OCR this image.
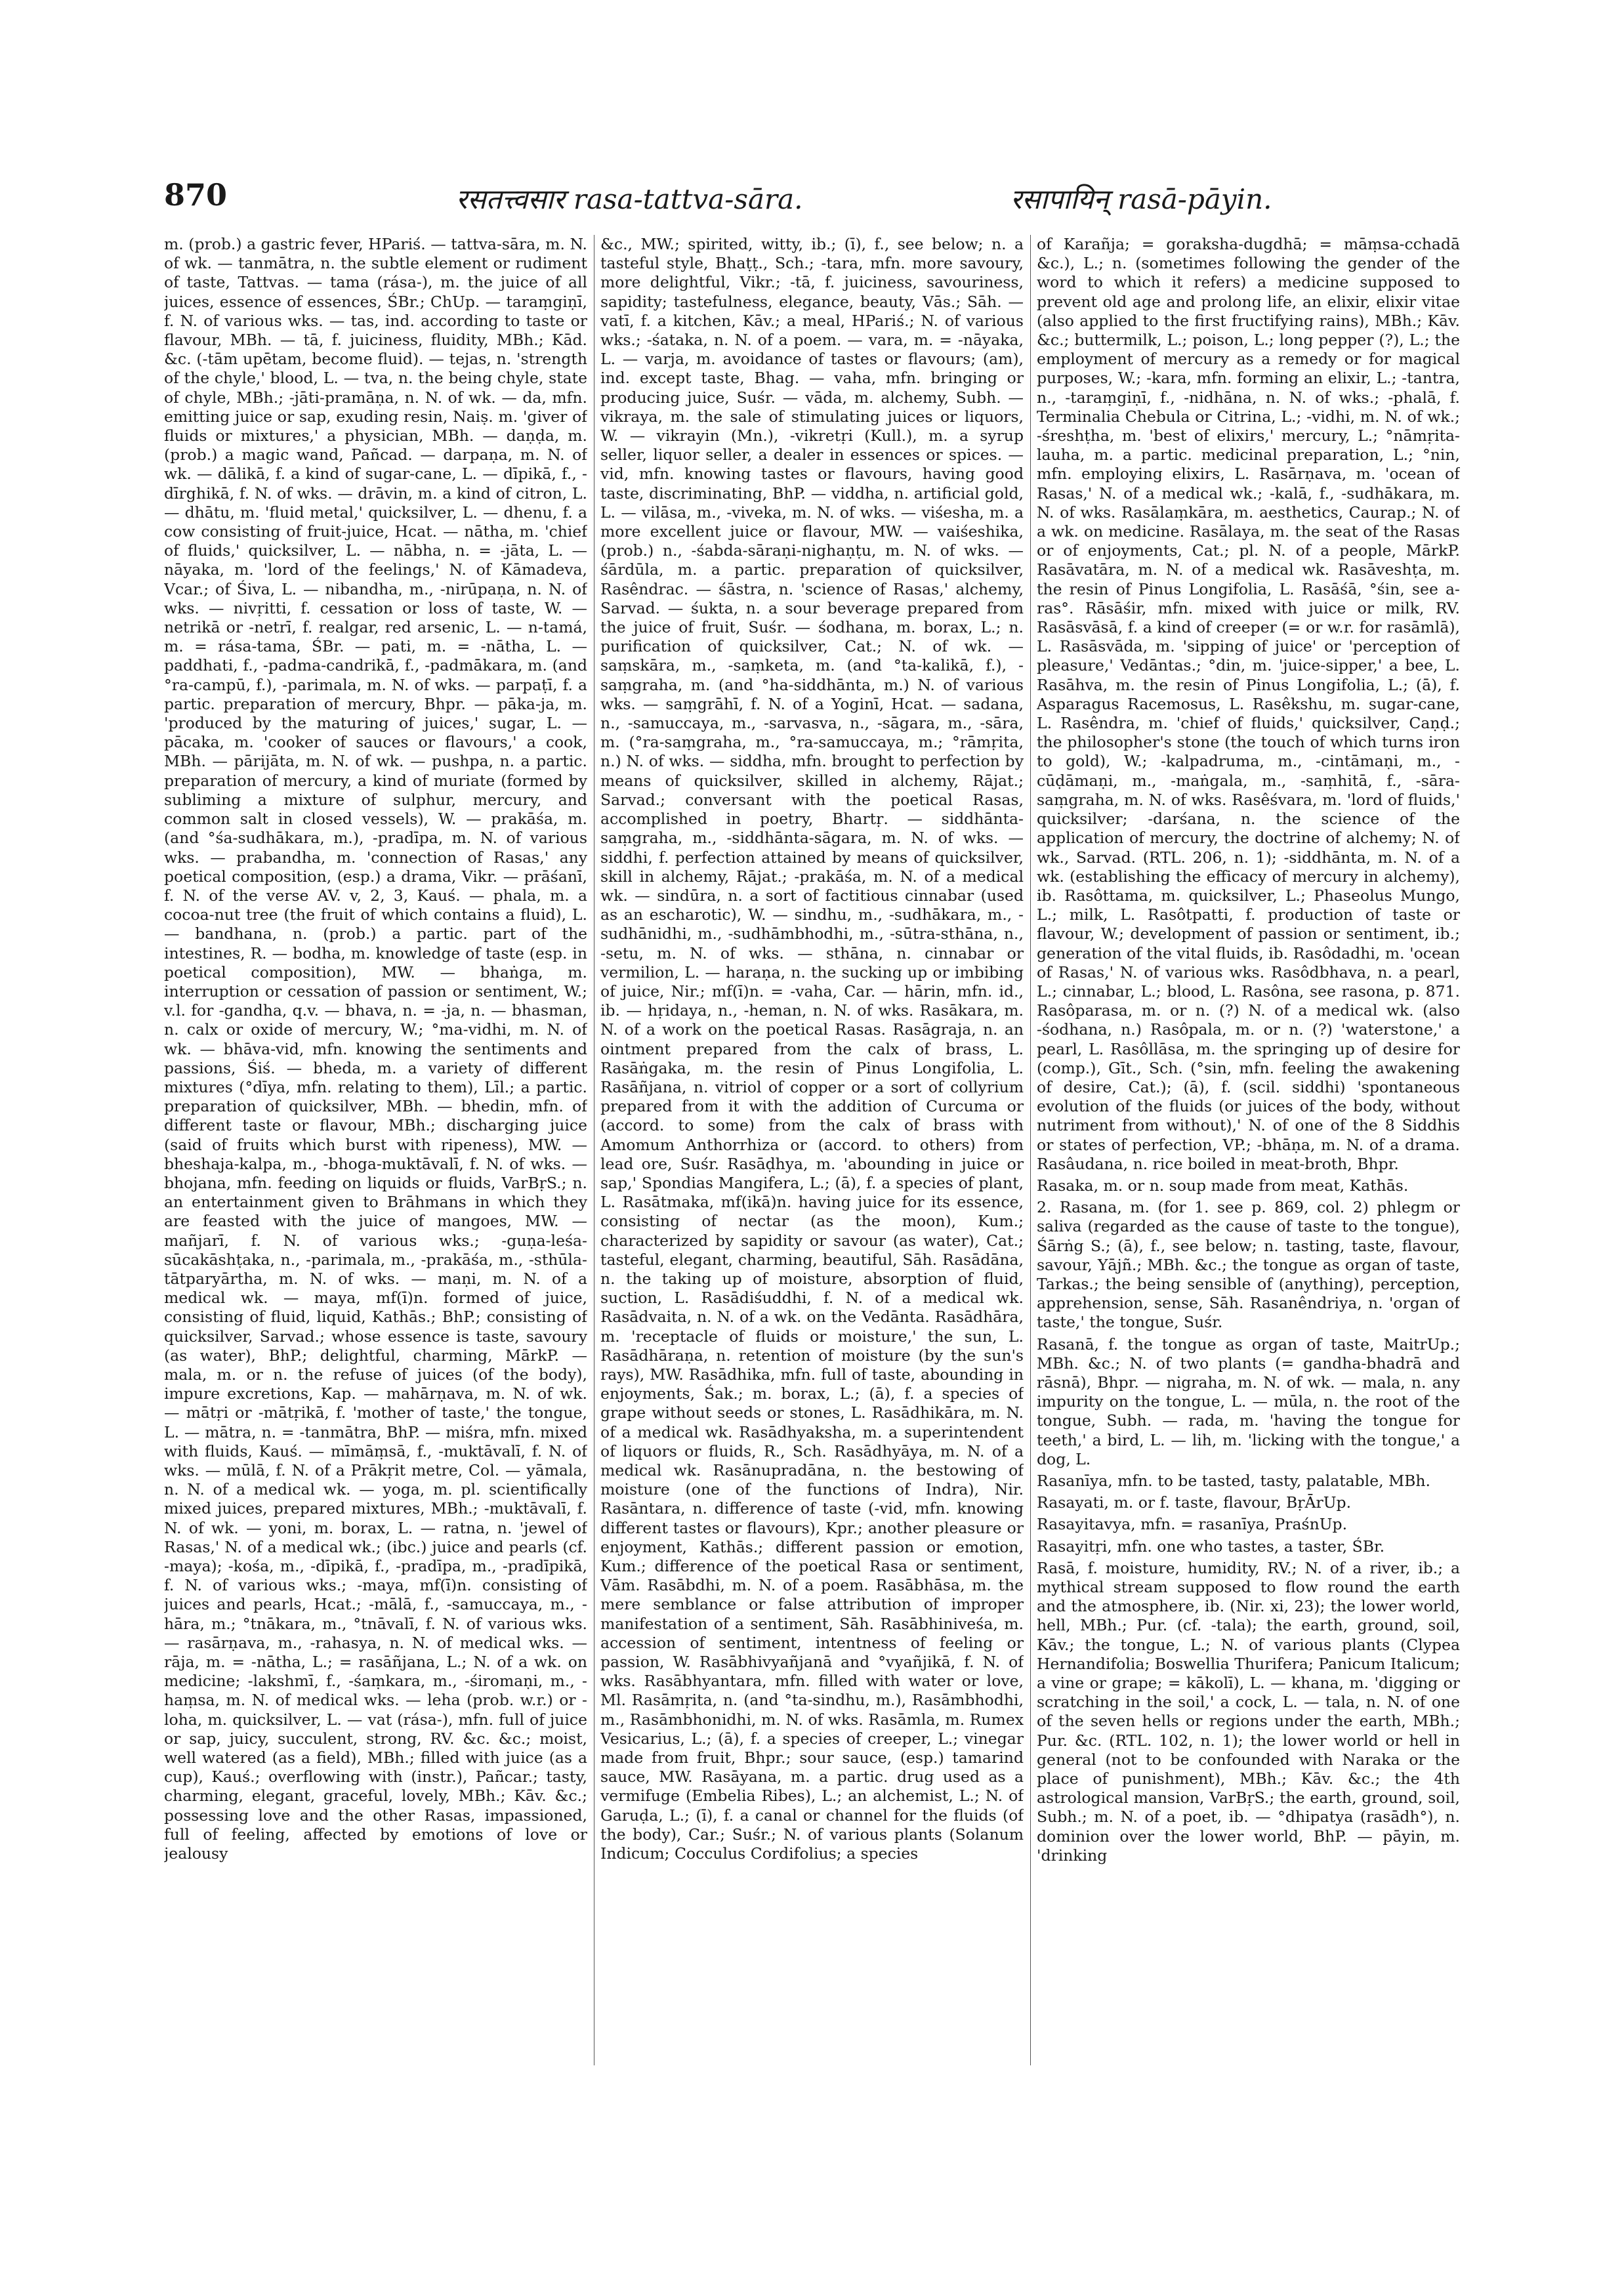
870	रसतत्त्वसार rasa-tattva-sāra.	रसापायिन् rasā-pāyin.

m. (prob.) a gastric fever, HPariś. — tattva-sāra, m. N. of wk. — tanmātra, n. the subtle element or rudiment of taste, Tattvas. — tama (rása-), m. the juice of all juices, essence of essences, ŚBr.; ChUp. — taraṃgiṇī, f. N. of various wks. — tas, ind. according to taste or flavour, MBh. — tā, f. juiciness, fluidity, MBh.; Kād. &c. (-tām upētam, become fluid). — tejas, n. 'strength of the chyle,' blood, L. — tva, n. the being chyle, state of chyle, MBh.; -jāti-pramāṇa, n. N. of wk. — da, mfn. emitting juice or sap, exuding resin, Naiṣ. m. 'giver of fluids or mixtures,' a physician, MBh. — daṇḍa, m. (prob.) a magic wand, Pañcad. — darpaṇa, m. N. of wk. — dālikā, f. a kind of sugar-cane, L. — dīpikā, f., -dīrghikā, f. N. of wks. — drāvin, m. a kind of citron, L. — dhātu, m. 'fluid metal,' quicksilver, L. — dhenu, f. a cow consisting of fruit-juice, Hcat. — nātha, m. 'chief of fluids,' quicksilver, L. — nābha, n. = -jāta, L. — nāyaka, m. 'lord of the feelings,' N. of Kāmadeva, Vcar.; of Śiva, L. — nibandha, m., -nirūpaṇa, n. N. of wks. — nivṛitti, f. cessation or loss of taste, W. — netrikā or -netrī, f. realgar, red arsenic, L. — n-tamá, m. = rása-tama, ŚBr. — pati, m. = -nātha, L. — paddhati, f., -padma-candrikā, f., -padmākara, m. (and °ra-campū, f.), -parimala, m. N. of wks. — parpaṭī, f. a partic. preparation of mercury, Bhpr. — pāka-ja, m. 'produced by the maturing of juices,' sugar, L. — pācaka, m. 'cooker of sauces or flavours,' a cook, MBh. — pārijāta, m. N. of wk. — pushpa, n. a partic. preparation of mercury, a kind of muriate (formed by subliming a mixture of sulphur, mercury, and common salt in closed vessels), W. — prakāśa, m. (and °śa-sudhākara, m.), -pradīpa, m. N. of various wks. — prabandha, m. 'connection of Rasas,' any poetical composition, (esp.) a drama, Vikr. — prāśanī, f. N. of the verse AV. v, 2, 3, Kauś. — phala, m. a cocoa-nut tree (the fruit of which contains a fluid), L. — bandhana, n. (prob.) a partic. part of the intestines, R. — bodha, m. knowledge of taste (esp. in poetical composition), MW. — bhaṅga, m. interruption or cessation of passion or sentiment, W.; v.l. for -gandha, q.v. — bhava, n. = -ja, n. — bhasman, n. calx or oxide of mercury, W.; °ma-vidhi, m. N. of wk. — bhāva-vid, mfn. knowing the sentiments and passions, Śiś. — bheda, m. a variety of different mixtures (°dīya, mfn. relating to them), Līl.; a partic. preparation of quicksilver, MBh. — bhedin, mfn. of different taste or flavour, MBh.; discharging juice (said of fruits which burst with ripeness), MW. — bheshaja-kalpa, m., -bhoga-muktāvalī, f. N. of wks. — bhojana, mfn. feeding on liquids or fluids, VarBṛS.; n. an entertainment given to Brāhmans in which they are feasted with the juice of mangoes, MW. — mañjarī, f. N. of various wks.; -guṇa-leśa-sūcakāshṭaka, n., -parimala, m., -prakāśa, m., -sthūla-tātparyārtha, m. N. of wks. — maṇi, m. N. of a medical wk. — maya, mf(ī)n. formed of juice, consisting of fluid, liquid, Kathās.; BhP.; consisting of quicksilver, Sarvad.; whose essence is taste, savoury (as water), BhP.; delightful, charming, MārkP. — mala, m. or n. the refuse of juices (of the body), impure excretions, Kap. — mahārṇava, m. N. of wk. — mātṛi or -mātṛikā, f. 'mother of taste,' the tongue, L. — mātra, n. = -tanmātra, BhP. — miśra, mfn. mixed with fluids, Kauś. — mīmāṃsā, f., -muktāvalī, f. N. of wks. — mūlā, f. N. of a Prākṛit metre, Col. — yāmala, n. N. of a medical wk. — yoga, m. pl. scientifically mixed juices, prepared mixtures, MBh.; -muktāvalī, f. N. of wk. — yoni, m. borax, L. — ratna, n. 'jewel of Rasas,' N. of a medical wk.; (ibc.) juice and pearls (cf. -maya); -kośa, m., -dīpikā, f., -pradīpa, m., -pradīpikā, f. N. of various wks.; -maya, mf(ī)n. consisting of juices and pearls, Hcat.; -mālā, f., -samuccaya, m., -hāra, m.; °tnākara, m., °tnāvalī, f. N. of various wks. — rasārṇava, m., -rahasya, n. N. of medical wks. — rāja, m. = -nātha, L.; = rasāñjana, L.; N. of a wk. on medicine; -lakshmī, f., -śaṃkara, m., -śiromaṇi, m., -haṃsa, m. N. of medical wks. — leha (prob. w.r.) or -loha, m. quicksilver, L. — vat (rása-), mfn. full of juice or sap, juicy, succulent, strong, RV. &c. &c.; moist, well watered (as a field), MBh.; filled with juice (as a cup), Kauś.; overflowing with (instr.), Pañcar.; tasty, charming, elegant, graceful, lovely, MBh.; Kāv. &c.; possessing love and the other Rasas, impassioned, full of feeling, affected by emotions of love or jealousy

&c., MW.; spirited, witty, ib.; (ī), f., see below; n. a tasteful style, Bhaṭṭ., Sch.; -tara, mfn. more savoury, more delightful, Vikr.; -tā, f. juiciness, savouriness, sapidity; tastefulness, elegance, beauty, Vās.; Sāh. — vatī, f. a kitchen, Kāv.; a meal, HPariś.; N. of various wks.; -śataka, n. N. of a poem. — vara, m. = -nāyaka, L. — varja, m. avoidance of tastes or flavours; (am), ind. except taste, Bhag. — vaha, mfn. bringing or producing juice, Suśr. — vāda, m. alchemy, Subh. — vikraya, m. the sale of stimulating juices or liquors, W. — vikrayin (Mn.), -vikretṛi (Kull.), m. a syrup seller, liquor seller, a dealer in essences or spices. — vid, mfn. knowing tastes or flavours, having good taste, discriminating, BhP. — viddha, n. artificial gold, L. — vilāsa, m., -viveka, m. N. of wks. — viśesha, m. a more excellent juice or flavour, MW. — vaiśeshika, (prob.) n., -śabda-sāraṇi-nighaṇṭu, m. N. of wks. — śārdūla, m. a partic. preparation of quicksilver, Rasêndrac. — śāstra, n. 'science of Rasas,' alchemy, Sarvad. — śukta, n. a sour beverage prepared from the juice of fruit, Suśr. — śodhana, m. borax, L.; n. purification of quicksilver, Cat.; N. of wk. — saṃskāra, m., -saṃketa, m. (and °ta-kalikā, f.), -saṃgraha, m. (and °ha-siddhānta, m.) N. of various wks. — saṃgrāhī, f. N. of a Yoginī, Hcat. — sadana, n., -samuccaya, m., -sarvasva, n., -sāgara, m., -sāra, m. (°ra-saṃgraha, m., °ra-samuccaya, m.; °rāmṛita, n.) N. of wks. — siddha, mfn. brought to perfection by means of quicksilver, skilled in alchemy, Rājat.; Sarvad.; conversant with the poetical Rasas, accomplished in poetry, Bhartṛ. — siddhānta-saṃgraha, m., -siddhānta-sāgara, m. N. of wks. — siddhi, f. perfection attained by means of quicksilver, skill in alchemy, Rājat.; -prakāśa, m. N. of a medical wk. — sindūra, n. a sort of factitious cinnabar (used as an escharotic), W. — sindhu, m., -sudhākara, m., -sudhānidhi, m., -sudhāmbhodhi, m., -sūtra-sthāna, n., -setu, m. N. of wks. — sthāna, n. cinnabar or vermilion, L. — haraṇa, n. the sucking up or imbibing of juice, Nir.; mf(ī)n. = -vaha, Car. — hārin, mfn. id., ib. — hṛidaya, n., -heman, n. N. of wks. Rasākara, m. N. of a work on the poetical Rasas. Rasāgraja, n. an ointment prepared from the calx of brass, L. Rasāṅgaka, m. the resin of Pinus Longifolia, L. Rasāñjana, n. vitriol of copper or a sort of collyrium prepared from it with the addition of Curcuma or (accord. to some) from the calx of brass with Amomum Anthorrhiza or (accord. to others) from lead ore, Suśr. Rasāḍhya, m. 'abounding in juice or sap,' Spondias Mangifera, L.; (ā), f. a species of plant, L. Rasātmaka, mf(ikā)n. having juice for its essence, consisting of nectar (as the moon), Kum.; characterized by sapidity or savour (as water), Cat.; tasteful, elegant, charming, beautiful, Sāh. Rasādāna, n. the taking up of moisture, absorption of fluid, suction, L. Rasādiśuddhi, f. N. of a medical wk. Rasādvaita, n. N. of a wk. on the Vedānta. Rasādhāra, m. 'receptacle of fluids or moisture,' the sun, L. Rasādhāraṇa, n. retention of moisture (by the sun's rays), MW. Rasādhika, mfn. full of taste, abounding in enjoyments, Śak.; m. borax, L.; (ā), f. a species of grape without seeds or stones, L. Rasādhikāra, m. N. of a medical wk. Rasādhyaksha, m. a superintendent of liquors or fluids, R., Sch. Rasādhyāya, m. N. of a medical wk. Rasānupradāna, n. the bestowing of moisture (one of the functions of Indra), Nir. Rasāntara, n. difference of taste (-vid, mfn. knowing different tastes or flavours), Kpr.; another pleasure or enjoyment, Kathās.; different passion or emotion, Kum.; difference of the poetical Rasa or sentiment, Vām. Rasābdhi, m. N. of a poem. Rasābhāsa, m. the mere semblance or false attribution of improper manifestation of a sentiment, Sāh. Rasābhiniveśa, m. accession of sentiment, intentness of feeling or passion, W. Rasābhivyañjanā and °vyañjikā, f. N. of wks. Rasābhyantara, mfn. filled with water or love, Ml. Rasāmṛita, n. (and °ta-sindhu, m.), Rasāmbhodhi, m., Rasāmbhonidhi, m. N. of wks. Rasāmla, m. Rumex Vesicarius, L.; (ā), f. a species of creeper, L.; vinegar made from fruit, Bhpr.; sour sauce, (esp.) tamarind sauce, MW. Rasāyana, m. a partic. drug used as a vermifuge (Embelia Ribes), L.; an alchemist, L.; N. of Garuḍa, L.; (ī), f. a canal or channel for the fluids (of the body), Car.; Suśr.; N. of various plants (Solanum Indicum; Cocculus Cordifolius; a species

of Karañja; = goraksha-dugdhā; = māṃsa-cchadā &c.), L.; n. (sometimes following the gender of the word to which it refers) a medicine supposed to prevent old age and prolong life, an elixir, elixir vitae (also applied to the first fructifying rains), MBh.; Kāv. &c.; buttermilk, L.; poison, L.; long pepper (?), L.; the employment of mercury as a remedy or for magical purposes, W.; -kara, mfn. forming an elixir, L.; -tantra, n., -taraṃgiṇī, f., -nidhāna, n. N. of wks.; -phalā, f. Terminalia Chebula or Citrina, L.; -vidhi, m. N. of wk.; -śreshṭha, m. 'best of elixirs,' mercury, L.; °nāmṛita-lauha, m. a partic. medicinal preparation, L.; °nin, mfn. employing elixirs, L. Rasārṇava, m. 'ocean of Rasas,' N. of a medical wk.; -kalā, f., -sudhākara, m. N. of wks. Rasālaṃkāra, m. aesthetics, Caurap.; N. of a wk. on medicine. Rasālaya, m. the seat of the Rasas or of enjoyments, Cat.; pl. N. of a people, MārkP. Rasāvatāra, m. N. of a medical wk. Rasāveshṭa, m. the resin of Pinus Longifolia, L. Rasāśā, °śin, see a-ras°. Rāsāśir, mfn. mixed with juice or milk, RV. Rasāsvāsā, f. a kind of creeper (= or w.r. for rasāmlā), L. Rasāsvāda, m. 'sipping of juice' or 'perception of pleasure,' Vedāntas.; °din, m. 'juice-sipper,' a bee, L. Rasāhva, m. the resin of Pinus Longifolia, L.; (ā), f. Asparagus Racemosus, L. Rasêkshu, m. sugar-cane, L. Rasêndra, m. 'chief of fluids,' quicksilver, Caṇḍ.; the philosopher's stone (the touch of which turns iron to gold), W.; -kalpadruma, m., -cintāmaṇi, m., -cūḍāmaṇi, m., -maṅgala, m., -saṃhitā, f., -sāra-saṃgraha, m. N. of wks. Rasêśvara, m. 'lord of fluids,' quicksilver; -darśana, n. the science of the application of mercury, the doctrine of alchemy; N. of wk., Sarvad. (RTL. 206, n. 1); -siddhānta, m. N. of a wk. (establishing the efficacy of mercury in alchemy), ib. Rasôttama, m. quicksilver, L.; Phaseolus Mungo, L.; milk, L. Rasôtpatti, f. production of taste or flavour, W.; development of passion or sentiment, ib.; generation of the vital fluids, ib. Rasôdadhi, m. 'ocean of Rasas,' N. of various wks. Rasôdbhava, n. a pearl, L.; cinnabar, L.; blood, L. Rasôna, see rasona, p. 871. Rasôparasa, m. or n. (?) N. of a medical wk. (also -śodhana, n.) Rasôpala, m. or n. (?) 'waterstone,' a pearl, L. Rasôllāsa, m. the springing up of desire for (comp.), Gīt., Sch. (°sin, mfn. feeling the awakening of desire, Cat.); (ā), f. (scil. siddhi) 'spontaneous evolution of the fluids (or juices of the body, without nutriment from without),' N. of one of the 8 Siddhis or states of perfection, VP.; -bhāṇa, m. N. of a drama. Rasâudana, n. rice boiled in meat-broth, Bhpr.

Rasaka, m. or n. soup made from meat, Kathās.

2. Rasana, m. (for 1. see p. 869, col. 2) phlegm or saliva (regarded as the cause of taste to the tongue), Śārṅg S.; (ā), f., see below; n. tasting, taste, flavour, savour, Yājñ.; MBh. &c.; the tongue as organ of taste, Tarkas.; the being sensible of (anything), perception, apprehension, sense, Sāh. Rasanêndriya, n. 'organ of taste,' the tongue, Suśr.

Rasanā, f. the tongue as organ of taste, MaitrUp.; MBh. &c.; N. of two plants (= gandha-bhadrā and rāsnā), Bhpr. — nigraha, m. N. of wk. — mala, n. any impurity on the tongue, L. — mūla, n. the root of the tongue, Subh. — rada, m. 'having the tongue for teeth,' a bird, L. — lih, m. 'licking with the tongue,' a dog, L.

Rasanīya, mfn. to be tasted, tasty, palatable, MBh.

Rasayati, m. or f. taste, flavour, BṛĀrUp.

Rasayitavya, mfn. = rasanīya, PraśnUp.

Rasayitṛi, mfn. one who tastes, a taster, ŚBr.

Rasā, f. moisture, humidity, RV.; N. of a river, ib.; a mythical stream supposed to flow round the earth and the atmosphere, ib. (Nir. xi, 23); the lower world, hell, MBh.; Pur. (cf. -tala); the earth, ground, soil, Kāv.; the tongue, L.; N. of various plants (Clypea Hernandifolia; Boswellia Thurifera; Panicum Italicum; a vine or grape; = kākolī), L. — khana, m. 'digging or scratching in the soil,' a cock, L. — tala, n. N. of one of the seven hells or regions under the earth, MBh.; Pur. &c. (RTL. 102, n. 1); the lower world or hell in general (not to be confounded with Naraka or the place of punishment), MBh.; Kāv. &c.; the 4th astrological mansion, VarBṛS.; the earth, ground, soil, Subh.; m. N. of a poet, ib. — °dhipatya (rasādh°), n. dominion over the lower world, BhP. — pāyin, m. 'drinking
